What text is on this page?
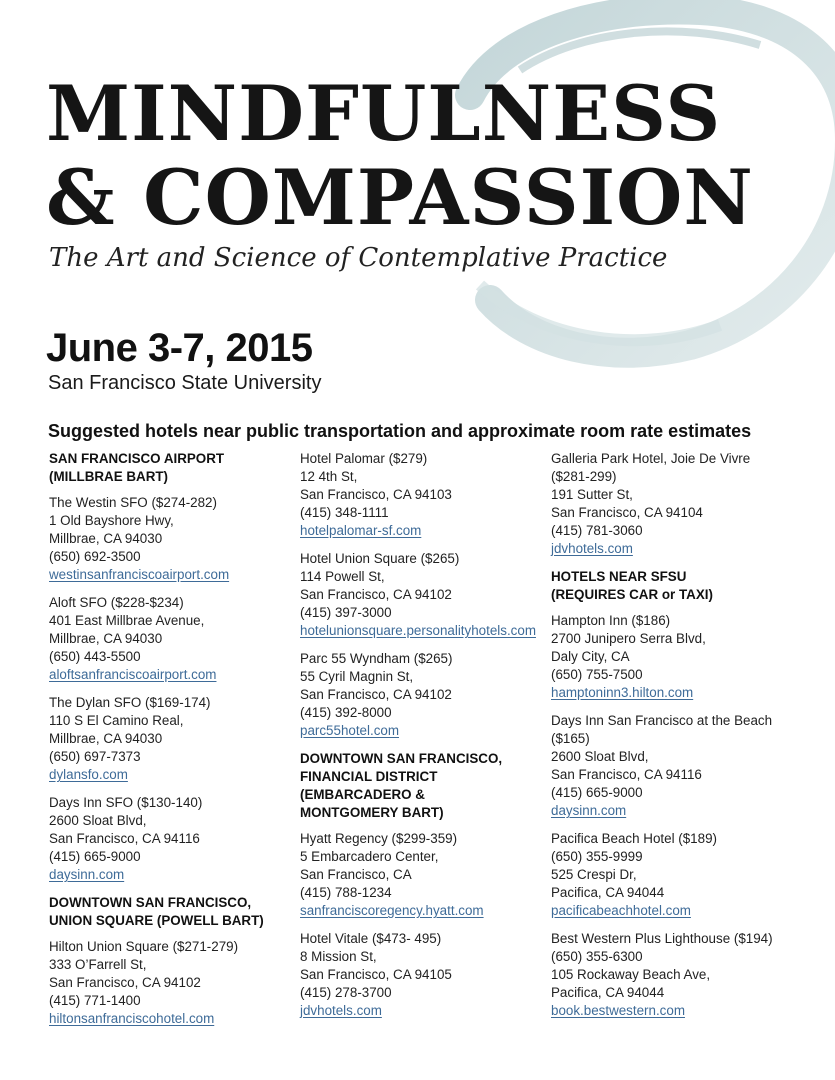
MINDFULNESS
& COMPASSION
The Art and Science of Contemplative Practice
June 3-7, 2015
San Francisco State University
Suggested hotels near public transportation and approximate room rate estimates
SAN FRANCISCO AIRPORT
(MILLBRAE BART)
The Westin SFO ($274-282)
1 Old Bayshore Hwy,
Millbrae, CA 94030
(650) 692-3500
westinsanfranciscoairport.com
Aloft SFO ($228-$234)
401 East Millbrae Avenue,
Millbrae, CA 94030
(650) 443-5500
aloftsanfranciscoairport.com
The Dylan SFO ($169-174)
110 S El Camino Real,
Millbrae, CA 94030
(650) 697-7373
dylansfo.com
Days Inn SFO ($130-140)
2600 Sloat Blvd,
San Francisco, CA 94116
(415) 665-9000
daysinn.com
DOWNTOWN SAN FRANCISCO,
UNION SQUARE (POWELL BART)
Hilton Union Square ($271-279)
333 O’Farrell St,
San Francisco, CA 94102
(415) 771-1400
hiltonsanfranciscohotel.com
Hotel Palomar ($279)
12 4th St,
San Francisco, CA 94103
(415) 348-1111
hotelpalomar-sf.com
Hotel Union Square ($265)
114 Powell St,
San Francisco, CA 94102
(415) 397-3000
hotelunionsquare.personalityhotels.com
Parc 55 Wyndham ($265)
55 Cyril Magnin St,
San Francisco, CA 94102
(415) 392-8000
parc55hotel.com
DOWNTOWN SAN FRANCISCO,
FINANCIAL DISTRICT
(EMBARCADERO &
MONTGOMERY BART)
Hyatt Regency ($299-359)
5 Embarcadero Center,
San Francisco, CA
(415) 788-1234
sanfranciscoregency.hyatt.com
Hotel Vitale ($473- 495)
8 Mission St,
San Francisco, CA 94105
(415) 278-3700
jdvhotels.com
Galleria Park Hotel, Joie De Vivre
($281-299)
191 Sutter St,
San Francisco, CA 94104
(415) 781-3060
jdvhotels.com
HOTELS NEAR SFSU
(REQUIRES CAR or TAXI)
Hampton Inn ($186)
2700 Junipero Serra Blvd,
Daly City, CA
(650) 755-7500
hamptoninn3.hilton.com
Days Inn San Francisco at the Beach
($165)
2600 Sloat Blvd,
San Francisco, CA 94116
(415) 665-9000
daysinn.com
Pacifica Beach Hotel ($189)
(650) 355-9999
525 Crespi Dr,
Pacifica, CA 94044
pacificabeachhotel.com
Best Western Plus Lighthouse ($194)
(650) 355-6300
105 Rockaway Beach Ave,
Pacifica, CA 94044
book.bestwestern.com
